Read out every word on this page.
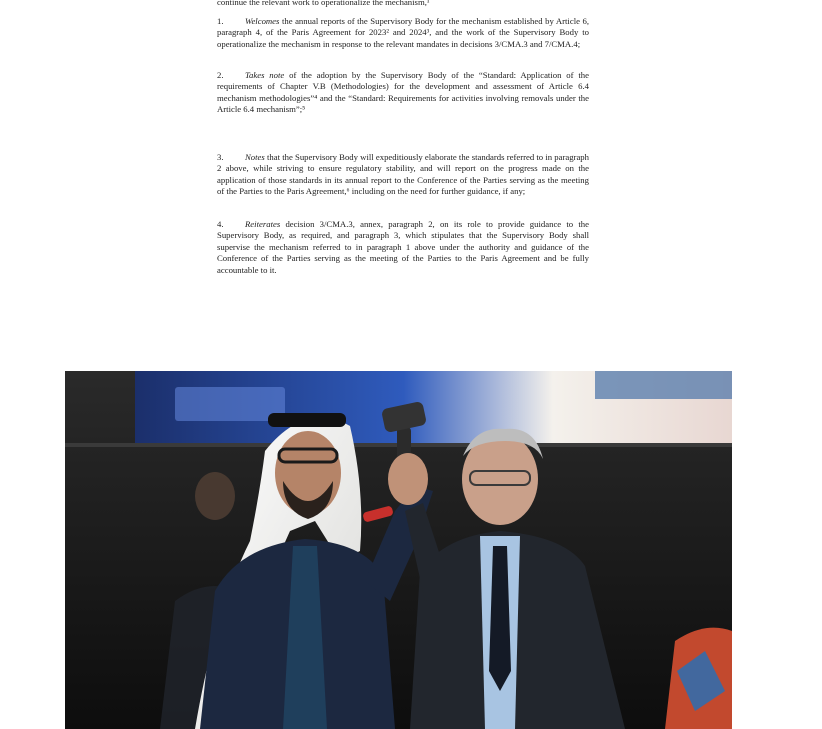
continue the relevant work to operationalize the mechanism,¹

1. Welcomes the annual reports of the Supervisory Body for the mechanism established by Article 6, paragraph 4, of the Paris Agreement for 2023² and 2024³, and the work of the Supervisory Body to operationalize the mechanism in response to the relevant mandates in decisions 3/CMA.3 and 7/CMA.4;

2. Takes note of the adoption by the Supervisory Body of the “Standard: Application of the requirements of Chapter V.B (Methodologies) for the development and assessment of Article 6.4 mechanism methodologies”⁴ and the “Standard: Requirements for activities involving removals under the Article 6.4 mechanism”;⁵

3. Notes that the Supervisory Body will expeditiously elaborate the standards referred to in paragraph 2 above, while striving to ensure regulatory stability, and will report on the progress made on the application of those standards in its annual report to the Conference of the Parties serving as the meeting of the Parties to the Paris Agreement,⁶ including on the need for further guidance, if any;

4. Reiterates decision 3/CMA.3, annex, paragraph 2, on its role to provide guidance to the Supervisory Body, as required, and paragraph 3, which stipulates that the Supervisory Body shall supervise the mechanism referred to in paragraph 1 above under the authority and guidance of the Conference of the Parties serving as the meeting of the Parties to the Paris Agreement and be fully accountable to it.
